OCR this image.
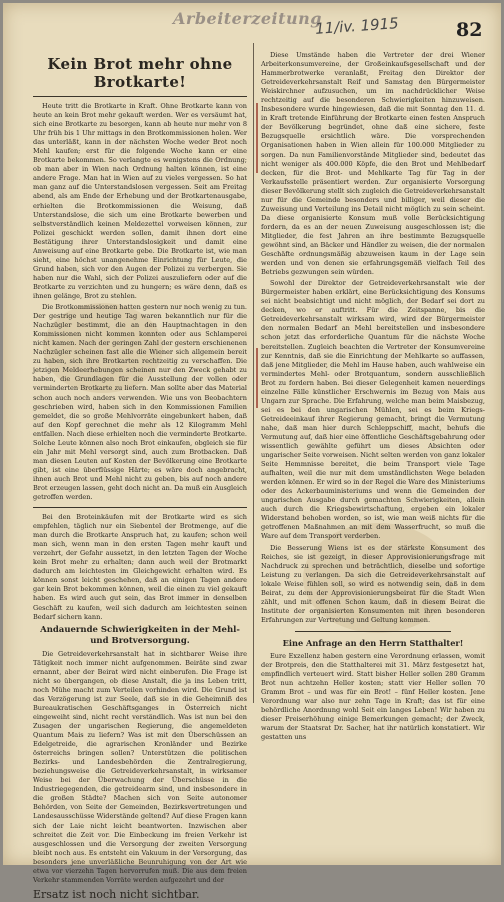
Arbeiterzeitung
11/iv. 1915	82
Kein Brot mehr ohne Brotkarte!

Heute tritt die Brotkarte in Kraft. Ohne Brotkarte kann von heute an kein Brot mehr gekauft werden. Wer es versäumt hat, sich eine Brotkarte zu besorgen, kann ab heute nur mehr von 8 Uhr früh bis 1 Uhr mittags in den Brotkommissionen holen. Wer das unterläßt, kann in der nächsten Woche weder Brot noch Mehl kaufen; erst für die folgende Woche kann er eine Brotkarte bekommen. So verlangte es wenigstens die Ordnung; ob man aber in Wien nach Ordnung halten können, ist eine andere Frage. Man hat in Wien auf zu vieles vergessen. So hat man ganz auf die Unterstandslosen vergessen. Seit am Freitag abend, als am Ende der Erhebung und der Brotkartenausgabe, erhielten die Brotkommissionen die Weisung, daß Unterstandslose, die sich um eine Brotkarte bewerben und selbstverständlich keinen Meldezettel vorweisen können, zur Polizei geschickt werden sollen, damit ihnen dort eine Bestätigung ihrer Unterstandslosigkeit und damit eine Anweisung auf eine Brotkarte gebe. Die Brotkarte ist, wie man sieht, eine höchst unangenehme Einrichtung für Leute, die Grund haben, sich vor den Augen der Polizei zu verbergen. Sie haben nur die Wahl, sich der Polizei auszuliefern oder auf die Brotkarte zu verzichten und zu hungern; es wäre denn, daß es ihnen gelänge, Brot zu stehlen.

Die Brotkommissionen hatten gestern nur noch wenig zu tun. Der gestrige und heutige Tag waren bekanntlich nur für die Nachzügler bestimmt, die an den Hauptnachtagen in den Kommissionen nicht kommen konnten oder aus Schlamperei nicht kamen. Nach der geringen Zahl der gestern erschienenen Nachzügler scheinen fast alle die Wiener sich allgemein bereit zu haben, sich ihre Brotkarten rechtzeitig zu verschaffen. Die jetzigen Meldeerhebungen scheinen nur den Zweck gehabt zu haben, die Grundlagen für die Ausstellung der vollen oder verminderten Brotkarte zu liefern. Man sollte aber das Material schon auch noch anders verwenden. Wie uns von Beobachtern geschrieben wird, haben sich in den Kommissionen Familien gemeldet, die so große Mehlvorräte eingebunkert haben, daß auf den Kopf gerechnet die mehr als 12 Kilogramm Mehl entfallen. Nach diese erhielten noch die verminderte Brotkarte. Solche Leute können also noch Brot einkaufen, obgleich sie für ein Jahr mit Mehl versorgt sind, auch zum Brotbacken. Daß man diesen Leuten auf Kosten der Bevölkerung eine Brotkarte gibt, ist eine überflüssige Härte; es wäre doch angebracht, ihnen auch Brot und Mehl nicht zu geben, bis auf noch andere Brot erzeugen lassen, geht doch nicht an. Da muß ein Ausgleich getroffen werden.

Bei den Broteinkäufen mit der Brotkarte wird es sich empfehlen, täglich nur ein Siebentel der Brotmenge, auf die man durch die Brotkarte Anspruch hat, zu kaufen; schon weil man sich, wenn man in den ersten Tagen mehr kauft und verzehrt, der Gefahr aussetzt, in den letzten Tagen der Woche kein Brot mehr zu erhalten; dann auch weil der Brotmarkt dadurch am leichtesten im Gleichgewicht erhalten wird. Es können sonst leicht geschehen, daß an einigen Tagen andere gar kein Brot bekommen können, weil die einen zu viel gekauft haben. Es wird auch gut sein, das Brot immer in denselben Geschäft zu kaufen, weil sich dadurch am leichtesten seinen Bedarf sichern kann.

Andauernde Schwierigkeiten in der Mehl- und Brotversorgung.

Die Getreideverkehrsanstalt hat in sichtbarer Weise ihre Tätigkeit noch immer nicht aufgenommen. Beiräte sind zwar ernannt, aber der Beirat wird nicht einberufen. Die Frage ist nicht so übergangen, ob diese Anstalt, die ja ins Leben tritt, noch Mühe macht zum Verteilen vorhinden wird. Die Grund ist das Verzögerung ist zur Seele, daß sie in die Geheimniß des Bureaukratischen Geschäftsganges in Österreich nicht eingeweiht sind, nicht recht verständlich. Was ist nun bei den Zusagen der ungarischen Regierung, die angemeldeten Quantum Mais zu liefern? Was ist mit den Überschüssen an Edelgetreide, die agrarischen Kronländer und Bezirke österreichs bringen sollen? Unterstützen die politischen Bezirks- und Landesbehörden die Zentralregierung, beziehungsweise die Getreideverkehrsanstalt, in wirksamer Weise bei der Überwachung der Überschüsse in die Industriegegenden, die getreidearm sind, und insbesondere in die großen Städte? Machen sich von Seite autonomer Behörden, von Seite der Gemeinden, Bezirksvertretungen und Landesausschüsse Widerstände geltend? Auf diese Fragen kann sich der Laie nicht leicht beantworten. Inzwischen aber schreitet die Zeit vor. Die Einbeckung im freien Verkehr ist ausgeschlossen und die Versorgung der zweiten Versorgung bleibt noch aus. Es entsteht ein Vakuum in der Versorgung, das besonders jene unverläßliche Beunruhigung von der Art wie etwa vor vierzehn Tagen hervorrufen muß. Die aus dem freien Verkehr stammenden Vorräte werden aufgezehrt und der

Ersatz ist noch nicht sichtbar.

Diese Umstände haben die Vertreter der drei Wiener Arbeiterkonsumvereine, der Großeinkaufsgesellschaft und der Hammerbrotwerke veranlaßt, Freitag den Direktor der Getreideverkehrsanstalt Reif und Samstag den Bürgermeister Weiskirchner aufzusuchen, um im nachdrücklicher Weise rechtzeitig auf die besonderen Schwierigkeiten hinzuweisen. Insbesondere wurde hingewiesen, daß die mit Sonntag den 11. d. in Kraft tretende Einführung der Brotkarte einen festen Anspruch der Bevölkerung begründet, ohne daß eine sichere, feste Bezugsquelle ersichtlich wäre. Die vorsprechenden Organisationen haben in Wien allein für 100.000 Mitglieder zu sorgen. Da nun Familienvorstände Mitglieder sind, bedeutet das nicht weniger als 400.000 Köpfe, die den Brot und Mehlbedarf decken, für die Brot- und Mehlkarte Tag für Tag in der Verkaufsstelle präsentiert werden. Zur organisierte Vorsorgung dieser Bevölkerung stellt sich zugleich die Getreideverkehrsanstalt nur für die Gemeinde besonders und billiger, weil dieser die Zuweisung und Verteilung ins Detail nicht möglich zu sein scheint. Da diese organisierte Konsum muß volle Berücksichtigung fordern, da es an der neuen Zuweisung ausgeschlossen ist; die Mitglieder, die fest Jahren an ihre bestimmte Bezugsquelle gewöhnt sind, an Bäcker und Händler zu weisen, die der normalen Geschäfte ordnungsmäßig abzuweisen kaum in der Lage sein werden und von denen sie erfahrungsgemäß vielfach Teil des Betriebs gezwungen sein würden.

Sowohl der Direktor der Getreideverkehrsanstalt wie der Bürgermeister haben erklärt, eine Berücksichtigung des Konsums sei nicht beabsichtigt und nicht möglich, der Bedarf sei dort zu decken, wo er auftritt. Für die Zeitspanne, bis die Getreideverkehrsanstalt wirksam wird, wird der Bürgermeister den normalen Bedarf an Mehl bereitstellen und insbesondere schon jetzt das erforderliche Quantum für die nächste Woche bereitstellen. Zugleich beachten die Vertreter der Konsumvereine zur Kenntnis, daß sie die Einrichtung der Mehlkarte so auffassen, daß jene Mitglieder, die Mehl im Hause haben, auch wahlweise ein vermindertes Mehl- oder Brotquantum, sondern ausschließlich Brot zu fordern haben. Bei dieser Gelegenheit kamen neuerdings einzelne Fälle künstlicher Erschwernis im Bezug von Mais aus Ungarn zur Sprache. Die Erfahrung, welche man beim Maisbezug, sei es bei den ungarischen Mühlen, sei es beim Kriegs-Getreideeinkauf ihrer Regierung gemacht, bringt die Vermutung nahe, daß man hier durch Schleppschiff, macht, behufs die Vermutung auf, daß hier eine öffentliche Geschäftsgebahrung oder wissentlich gewählte geführt um dieses Absichten oder ungarischer Seite vorweisen. Nicht selten werden von ganz lokaler Seite Hemmnisse bereitet, die beim Transport viele Tage aufhalten, weil die nur mit dem umständlichsten Wege beladen werden können. Er wird so in der Regel die Ware des Ministeriums oder des Ackerbauministeriums und wenn die Gemeinden der ungarischen Ausgabe durch gemachten Schwierigkeiten, allein auch durch die Kriegsbewirtschaftung, ergeben ein lokaler Widerstand behoben worden, so ist, wie man weiß nichts für die getroffenen Maßnahmen an mit dem Wasserfrucht, so muß die Ware auf dem Transport verderben.

Die Besserung Wiens ist es der stärkste Konsument des Reiches, sie ist gezeigt, in dieser Approvisionierungsfrage mit Nachdruck zu sprechen und beträchtlich, dieselbe und sofortige Leistung zu verlangen. Da sich die Getreideverkehrsanstalt auf lokale Weise fühlen soll, so wird es notwendig sein, daß in dem Beirat, zu dem der Approvisionierungsbeirat für die Stadt Wien zählt, und mit offenen Schon kaum, daß in diesem Beirat die Institute der organisierten Konsumenten mit ihren besonderen Erfahrungen zur Vertretung und Geltung kommen.

Eine Anfrage an den Herrn Statthalter!

Eure Exzellenz haben gestern eine Verordnung erlassen, womit der Brotpreis, den die Statthalterei mit 31. März festgesetzt hat, empfindlich verteuert wird. Statt bisher Heller sollen 280 Gramm Brot nun achtzehn Heller kosten; statt vier Heller sollen 70 Gramm Brot – und was für ein Brot! – fünf Heller kosten. Jene Verordnung war also nur zehn Tage in Kraft; das ist für eine behördliche Anordnung wohl Seit ein langes Leben! Wir haben zu dieser Preiserhöhung einige Bemerkungen gemacht; der Zweck, warum der Staatsrat Dr. Sacher, hat ihr natürlich konstatiert. Wir gestatten uns
